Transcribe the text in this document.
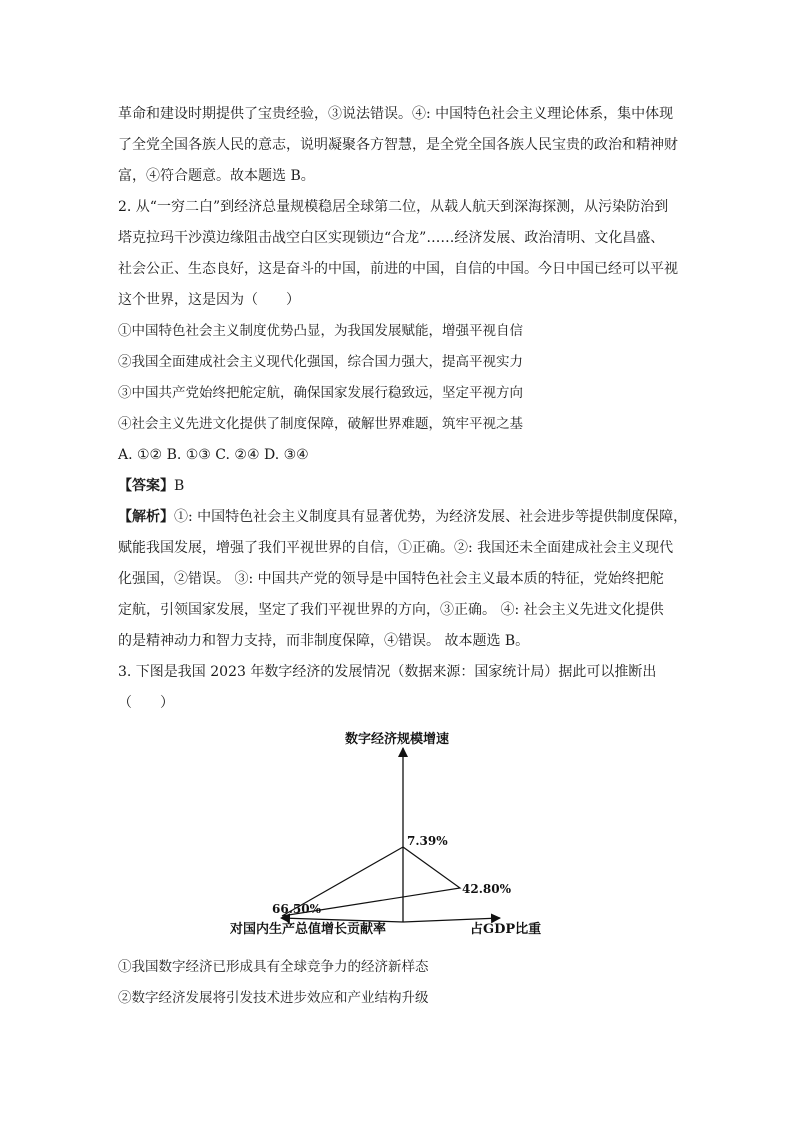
革命和建设时期提供了宝贵经验，③说法错误。④: 中国特色社会主义理论体系，集中体现
了全党全国各族人民的意志，说明凝聚各方智慧，是全党全国各族人民宝贵的政治和精神财
富，④符合题意。故本题选 B。
2. 从“一穷二白”到经济总量规模稳居全球第二位，从载人航天到深海探测，从污染防治到
塔克拉玛干沙漠边缘阻击战空白区实现锁边“合龙”……经济发展、政治清明、文化昌盛、
社会公正、生态良好，这是奋斗的中国，前进的中国，自信的中国。今日中国已经可以平视
这个世界，这是因为（　　）
①中国特色社会主义制度优势凸显，为我国发展赋能，增强平视自信
②我国全面建成社会主义现代化强国，综合国力强大，提高平视实力
③中国共产党始终把舵定航，确保国家发展行稳致远，坚定平视方向
④社会主义先进文化提供了制度保障，破解世界难题，筑牢平视之基
A. ①② B. ①③ C. ②④ D. ③④
【答案】B
【解析】①: 中国特色社会主义制度具有显著优势，为经济发展、社会进步等提供制度保障，
赋能我国发展，增强了我们平视世界的自信，①正确。②: 我国还未全面建成社会主义现代
化强国，②错误。 ③: 中国共产党的领导是中国特色社会主义最本质的特征，党始终把舵
定航，引领国家发展，坚定了我们平视世界的方向，③正确。 ④: 社会主义先进文化提供
的是精神动力和智力支持，而非制度保障，④错误。 故本题选 B。
3. 下图是我国 2023 年数字经济的发展情况（数据来源：国家统计局）据此可以推断出
（　　）
数字经济规模增速
对国内生产总值增长贡献率	占GDP比重
7.39%
66.50%
42.80%
①我国数字经济已形成具有全球竞争力的经济新样态
②数字经济发展将引发技术进步效应和产业结构升级
